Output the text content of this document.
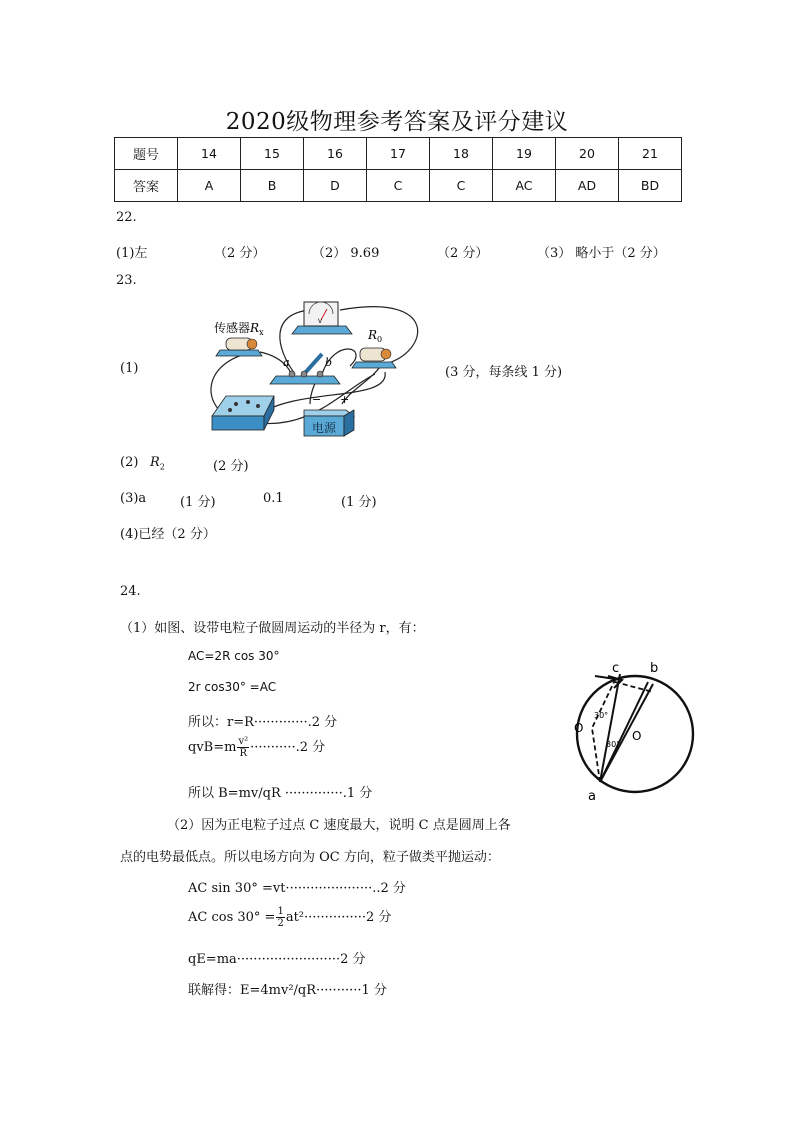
2020级物理参考答案及评分建议
题号	14	15	16	17	18	19	20	21
答案	A	B	D	C	C	AC	AD	BD
22.
(1)左	（2 分）	（2） 9.69	（2 分）	（3） 略小于（2 分）
23.
(1)	(3 分，每条线 1 分)
V
传感器$R_x$	$R_0$
a	b
− +
电源
(2) $R_2$	(2 分)
(3)a	(1 分)	0.1	(1 分)
(4)已经（2 分）
24.
（1）如图、设带电粒子做圆周运动的半径为 r，有：
AC=2R cos 30°
2r cos30° =AC
所以：r=R·············.2 分
$qvB=m \frac{\text{v²}}{R} \cdot\cdot\cdot\cdot\cdot\cdot\cdot\cdot\cdot\cdot\cdot.2$ 分
所以 B=mv/qR ··············.1 分
（2）因为正电粒子过点 C 速度最大，说明 C 点是圆周上各
点的电势最低点。所以电场方向为 OC 方向，粒子做类平抛运动：
AC sin 30° =vt·····················..2 分
AC $\cos 30^\circ = \frac{1}{2} at^2\cdot\cdot\cdot\cdot\cdot\cdot\cdot\cdot\cdot\cdot\cdot\cdot\cdot\cdot\cdot 2$ 分
qE=ma·························2 分
联解得：E=4mv²/qR···········1 分
c b
a
O
O
30°
30°
